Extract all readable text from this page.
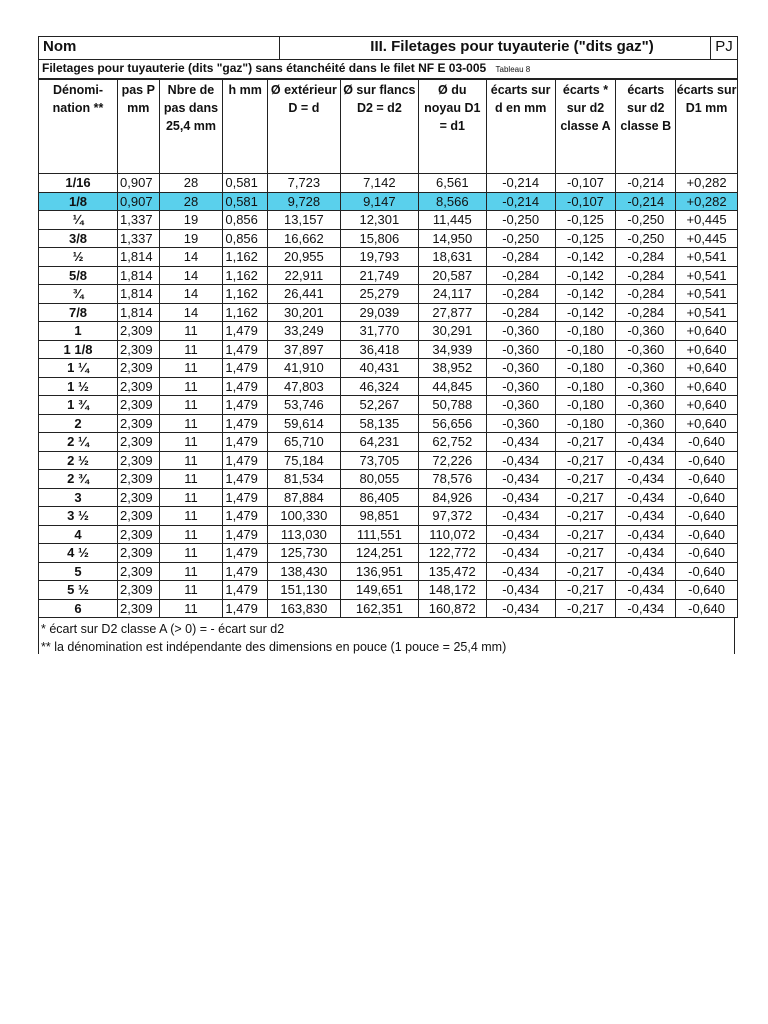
Nom	III. Filetages pour tuyauterie ("dits gaz")	PJ
Filetages pour tuyauterie (dits "gaz") sans étanchéité dans le filet NF E 03-005 Tableau 8
Dénomi-nation **	pas P mm	Nbre de pas dans 25,4 mm	h mm	Ø extérieur D = d	Ø sur flancs D2 = d2	Ø du noyau D1 = d1	écarts sur d en mm	écarts * sur d2 classe A	écarts sur d2 classe B	écarts sur D1 mm
1/16	0,907	28	0,581	7,723	7,142	6,561	-0,214	-0,107	-0,214	+0,282
1/8	0,907	28	0,581	9,728	9,147	8,566	-0,214	-0,107	-0,214	+0,282
¼	1,337	19	0,856	13,157	12,301	11,445	-0,250	-0,125	-0,250	+0,445
3/8	1,337	19	0,856	16,662	15,806	14,950	-0,250	-0,125	-0,250	+0,445
½	1,814	14	1,162	20,955	19,793	18,631	-0,284	-0,142	-0,284	+0,541
5/8	1,814	14	1,162	22,911	21,749	20,587	-0,284	-0,142	-0,284	+0,541
¾	1,814	14	1,162	26,441	25,279	24,117	-0,284	-0,142	-0,284	+0,541
7/8	1,814	14	1,162	30,201	29,039	27,877	-0,284	-0,142	-0,284	+0,541
1	2,309	11	1,479	33,249	31,770	30,291	-0,360	-0,180	-0,360	+0,640
1 1/8	2,309	11	1,479	37,897	36,418	34,939	-0,360	-0,180	-0,360	+0,640
1 ¼	2,309	11	1,479	41,910	40,431	38,952	-0,360	-0,180	-0,360	+0,640
1 ½	2,309	11	1,479	47,803	46,324	44,845	-0,360	-0,180	-0,360	+0,640
1 ¾	2,309	11	1,479	53,746	52,267	50,788	-0,360	-0,180	-0,360	+0,640
2	2,309	11	1,479	59,614	58,135	56,656	-0,360	-0,180	-0,360	+0,640
2 ¼	2,309	11	1,479	65,710	64,231	62,752	-0,434	-0,217	-0,434	-0,640
2 ½	2,309	11	1,479	75,184	73,705	72,226	-0,434	-0,217	-0,434	-0,640
2 ¾	2,309	11	1,479	81,534	80,055	78,576	-0,434	-0,217	-0,434	-0,640
3	2,309	11	1,479	87,884	86,405	84,926	-0,434	-0,217	-0,434	-0,640
3 ½	2,309	11	1,479	100,330	98,851	97,372	-0,434	-0,217	-0,434	-0,640
4	2,309	11	1,479	113,030	111,551	110,072	-0,434	-0,217	-0,434	-0,640
4 ½	2,309	11	1,479	125,730	124,251	122,772	-0,434	-0,217	-0,434	-0,640
5	2,309	11	1,479	138,430	136,951	135,472	-0,434	-0,217	-0,434	-0,640
5 ½	2,309	11	1,479	151,130	149,651	148,172	-0,434	-0,217	-0,434	-0,640
6	2,309	11	1,479	163,830	162,351	160,872	-0,434	-0,217	-0,434	-0,640
* écart sur D2 classe A (> 0) = - écart sur d2
** la dénomination est indépendante des dimensions en pouce (1 pouce = 25,4 mm)
